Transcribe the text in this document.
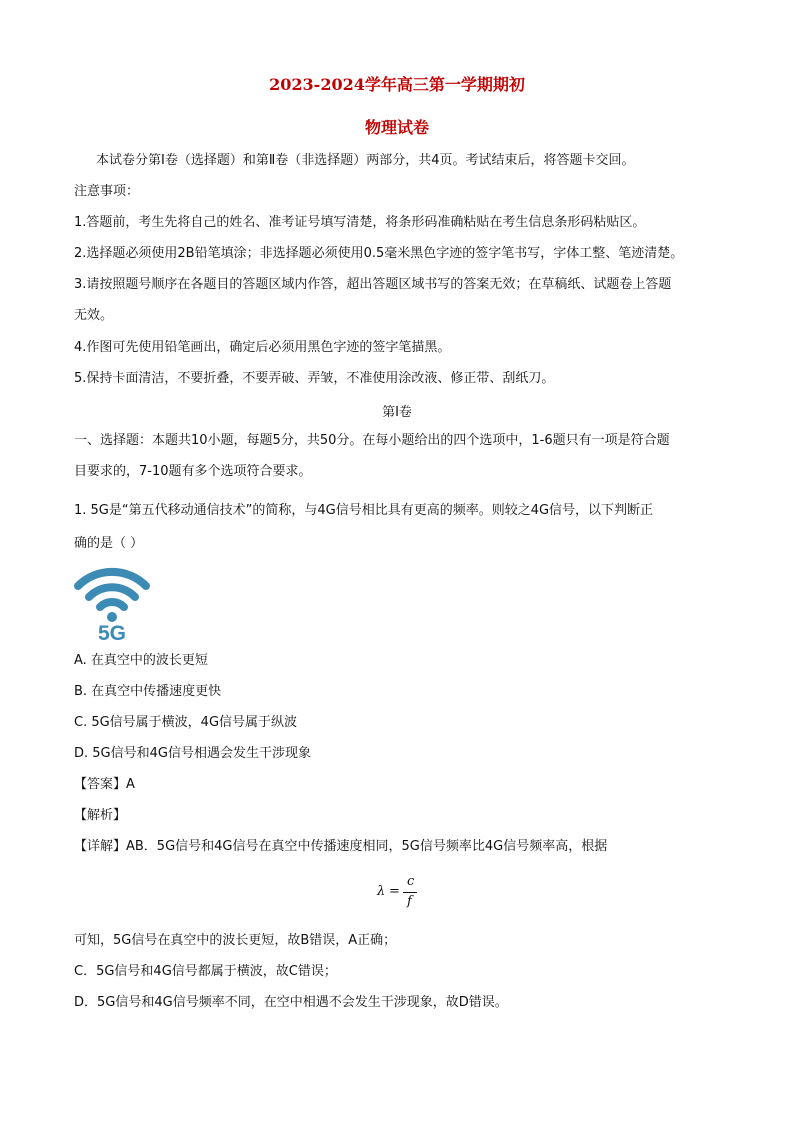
2023-2024学年高三第一学期期初
物理试卷
本试卷分第Ⅰ卷（选择题）和第Ⅱ卷（非选择题）两部分，共4页。考试结束后，将答题卡交回。
注意事项：
1.答题前，考生先将自己的姓名、准考证号填写清楚，将条形码准确粘贴在考生信息条形码粘贴区。
2.选择题必须使用2B铅笔填涂；非选择题必须使用0.5毫米黑色字迹的签字笔书写，字体工整、笔迹清楚。
3.请按照题号顺序在各题目的答题区域内作答，超出答题区域书写的答案无效；在草稿纸、试题卷上答题
无效。
4.作图可先使用铅笔画出，确定后必须用黑色字迹的签字笔描黑。
5.保持卡面清洁，不要折叠，不要弄破、弄皱，不准使用涂改液、修正带、刮纸刀。
第Ⅰ卷
一、选择题：本题共10小题，每题5分，共50分。在每小题给出的四个选项中，1-6题只有一项是符合题
目要求的，7-10题有多个选项符合要求。
1. 5G是“第五代移动通信技术”的简称，与4G信号相比具有更高的频率。则较之4G信号，以下判断正
确的是（ ）
5G
A. 在真空中的波长更短
B. 在真空中传播速度更快
C. 5G信号属于横波，4G信号属于纵波
D. 5G信号和4G信号相遇会发生干涉现象
【答案】A
【解析】
【详解】AB．5G信号和4G信号在真空中传播速度相同，5G信号频率比4G信号频率高，根据
λ =
c
f
可知，5G信号在真空中的波长更短，故B错误，A正确；
C．5G信号和4G信号都属于横波，故C错误；
D．5G信号和4G信号频率不同，在空中相遇不会发生干涉现象，故D错误。
